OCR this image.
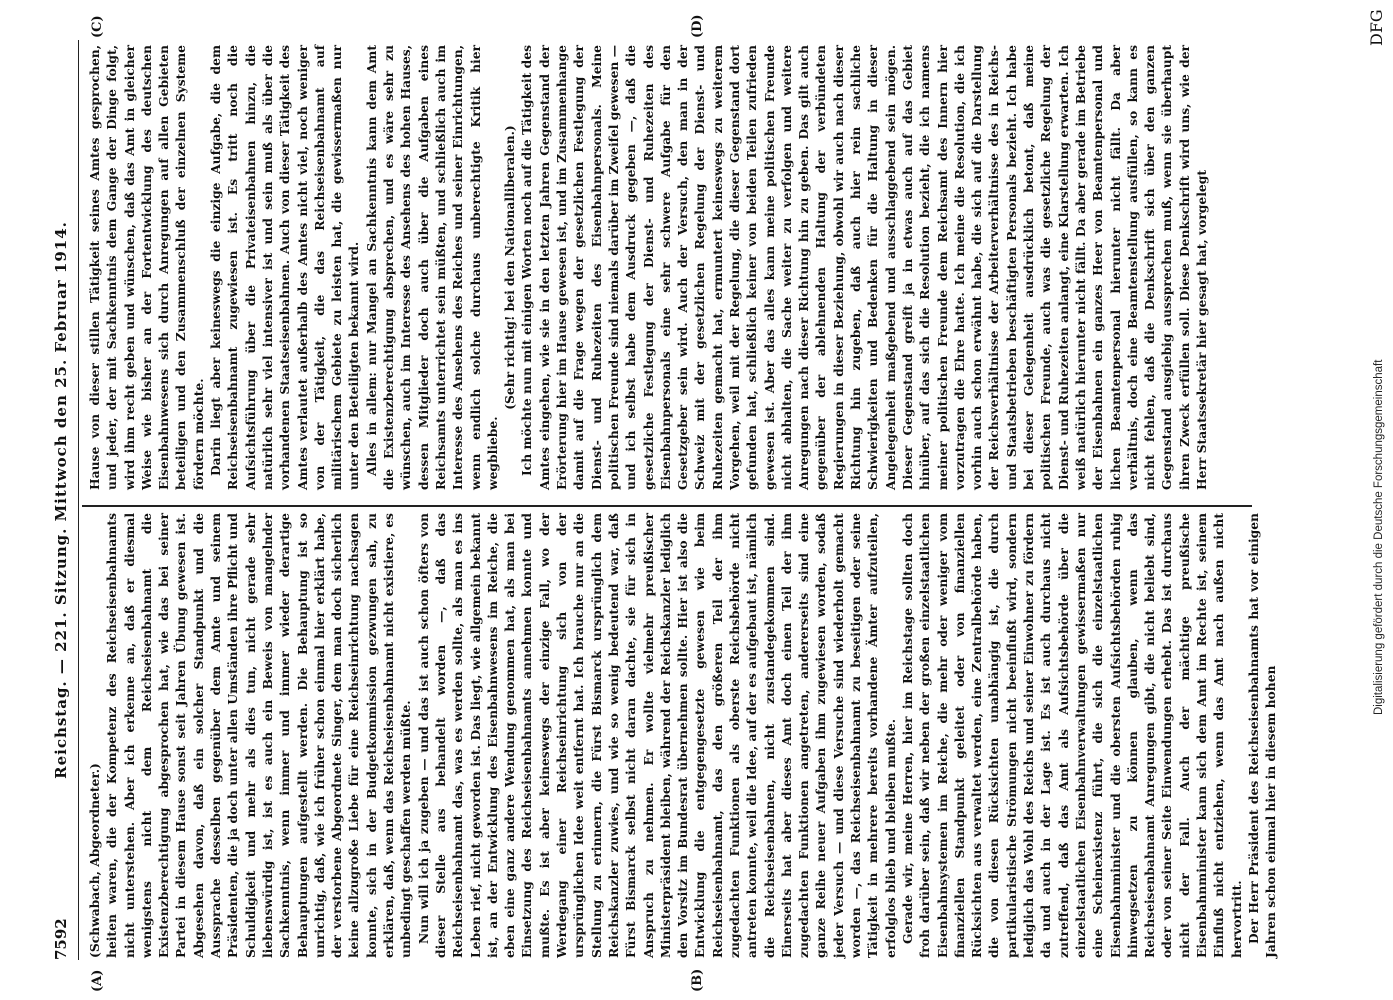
7592
Reichstag. — 221. Sitzung. Mittwoch den 25. Februar 1914.
(A)	(B)
(C)	(D)

(Schwabach, Abgeordneter.) heiten waren, die der Kompetenz des Reichseisenbahnamts nicht unterstehen. Aber ich erkenne an, daß er diesmal wenigstens nicht dem Reichseisenbahnamt die Existenzberechtigung abgesprochen hat, wie das bei seiner Partei in diesem Hause sonst seit Jahren Übung gewesen ist. Abgesehen davon, daß ein solcher Standpunkt und die Aussprache desselben gegenüber dem Amte und seinem Präsidenten, die ja doch unter allen Umständen ihre Pflicht und Schuldigkeit und mehr als dies tun, nicht gerade sehr liebenswürdig ist, ist es auch ein Beweis von mangelnder Sachkenntnis, wenn immer und immer wieder derartige Behauptungen aufgestellt werden. Die Behauptung ist so unrichtig, daß, wie ich früher schon einmal hier erklärt habe, der verstorbene Abgeordnete Singer, dem man doch sicherlich keine allzugroße Liebe für eine Reichseinrichtung nachsagen konnte, sich in der Budgetkommission gezwungen sah, zu erklären, daß, wenn das Reichseisenbahnamt nicht existiere, es unbedingt geschaffen werden müßte. Nun will ich ja zugeben — und das ist auch schon öfters von dieser Stelle aus behandelt worden —, daß das Reichseisenbahnamt das, was es werden sollte, als man es ins Leben rief, nicht geworden ist. Das liegt, wie allgemein bekannt ist, an der Entwicklung des Eisenbahnwesens im Reiche, die eben eine ganz andere Wendung genommen hat, als man bei Einsetzung des Reichseisenbahnamts annehmen konnte und mußte. Es ist aber keineswegs der einzige Fall, wo der Werdegang einer Reichseinrichtung sich von der ursprünglichen Idee weit entfernt hat. Ich brauche nur an die Stellung zu erinnern, die Fürst Bismarck ursprünglich dem Reichskanzler zuwies, und wie so wenig bedeutend war, daß Fürst Bismarck selbst nicht daran dachte, sie für sich in Anspruch zu nehmen. Er wollte vielmehr preußischer Ministerpräsident bleiben, während der Reichskanzler lediglich den Vorsitz im Bundesrat übernehmen sollte. Hier ist also die Entwicklung die entgegengesetzte gewesen wie beim Reichseisenbahnamt, das den größeren Teil der ihm zugedachten Funktionen als oberste Reichsbehörde nicht antreten konnte, weil die Idee, auf der es aufgebaut ist, nämlich die Reichseisenbahnen, nicht zustandegekommen sind. Einerseits hat aber dieses Amt doch einen Teil der ihm zugedachten Funktionen angetreten, andererseits sind eine ganze Reihe neuer Aufgaben ihm zugewiesen worden, sodaß jeder Versuch — und diese Versuche sind wiederholt gemacht worden —, das Reichseisenbahnamt zu beseitigen oder seine Tätigkeit in mehrere bereits vorhandene Ämter aufzuteilen, erfolglos blieb und bleiben mußte. Gerade wir, meine Herren, hier im Reichstage sollten doch froh darüber sein, daß wir neben der großen einzelstaatlichen Eisenbahnsystemen im Reiche, die mehr oder weniger vom finanziellen Standpunkt geleitet oder von finanziellen Rücksichten aus verwaltet werden, eine Zentralbehörde haben, die von diesen Rücksichten unabhängig ist, die durch partikularistische Strömungen nicht beeinflußt wird, sondern lediglich das Wohl des Reichs und seiner Einwohner zu fördern da und auch in der Lage ist. Es ist auch durchaus nicht zutreffend, daß das Amt als Aufsichtsbehörde über die einzelstaatlichen Eisenbahnverwaltungen gewissermaßen nur eine Scheinexistenz führt, die sich die einzelstaatlichen Eisenbahnminister und die obersten Aufsichtsbehörden ruhig hinwegsetzen zu können glauben, wenn das Reichseisenbahnamt Anregungen gibt, die nicht beliebt sind, oder von seiner Seite Einwendungen erhebt. Das ist durchaus nicht der Fall. Auch der mächtige preußische Eisenbahnminister kann sich dem Amt im Rechte ist, seinem Einfluß nicht entziehen, wenn das Amt nach außen nicht hervortritt. Der Herr Präsident des Reichseisenbahnamts hat vor einigen Jahren schon einmal hier in diesem hohen

Hause von dieser stillen Tätigkeit seines Amtes gesprochen, und jeder, der mit Sachkenntnis dem Gange der Dinge folgt, wird ihm recht geben und wünschen, daß das Amt in gleicher Weise wie bisher an der Fortentwicklung des deutschen Eisenbahnwesens sich durch Anregungen auf allen Gebieten beteiligen und den Zusammenschluß der einzelnen Systeme fördern möchte. Darin liegt aber keineswegs die einzige Aufgabe, die dem Reichseisenbahnamt zugewiesen ist. Es tritt noch die Aufsichtsführung über die Privateisenbahnen hinzu, die natürlich sehr viel intensiver ist und sein muß als über die vorhandenen Staatseisenbahnen. Auch von dieser Tätigkeit des Amtes verlautet außerhalb des Amtes nicht viel, noch weniger von der Tätigkeit, die das Reichseisenbahnamt auf militärischem Gebiete zu leisten hat, die gewissermaßen nur unter den Beteiligten bekannt wird. Alles in allem: nur Mangel an Sachkenntnis kann dem Amt die Existenzberechtigung absprechen, und es wäre sehr zu wünschen, auch im Interesse des Ansehens des hohen Hauses, dessen Mitglieder doch auch über die Aufgaben eines Reichsamts unterrichtet sein müßten, und schließlich auch im Interesse des Ansehens des Reiches und seiner Einrichtungen, wenn endlich solche durchaus unberechtigte Kritik hier wegbliebe.

(Sehr richtig! bei den Nationalliberalen.) Ich möchte nun mit einigen Worten noch auf die Tätigkeit des Amtes eingehen, wie sie in den letzten Jahren Gegenstand der Erörterung hier im Hause gewesen ist, und im Zusammenhange damit auf die Frage wegen der gesetzlichen Festlegung der Dienst- und Ruhezeiten des Eisenbahnpersonals. Meine politischen Freunde sind niemals darüber im Zweifel gewesen — und ich selbst habe dem Ausdruck gegeben —, daß die gesetzliche Festlegung der Dienst- und Ruhezeiten des Eisenbahnpersonals eine sehr schwere Aufgabe für den Gesetzgeber sein wird. Auch der Versuch, den man in der Schweiz mit der gesetzlichen Regelung der Dienst- und Ruhezeiten gemacht hat, ermuntert keineswegs zu weiterem Vorgehen, weil mit der Regelung, die dieser Gegenstand dort gefunden hat, schließlich keiner von beiden Teilen zufrieden gewesen ist. Aber das alles kann meine politischen Freunde nicht abhalten, die Sache weiter zu verfolgen und weitere Anregungen nach dieser Richtung hin zu geben. Das gilt auch gegenüber der ablehnenden Haltung der verbündeten Regierungen in dieser Beziehung, obwohl wir auch nach dieser Richtung hin zugeben, daß auch hier rein sachliche Schwierigkeiten und Bedenken für die Haltung in dieser Angelegenheit maßgebend und ausschlaggebend sein mögen. Dieser Gegenstand greift ja in etwas auch auf das Gebiet hinüber, auf das sich die Resolution bezieht, die ich namens meiner politischen Freunde dem Reichsamt des Innern hier vorzutragen die Ehre hatte. Ich meine die Resolution, die ich vorhin auch schon erwähnt habe, die sich auf die Darstellung der Reichsverhältnisse der Arbeiterverhältnisse des in Reichs- und Staatsbetrieben beschäftigten Personals bezieht. Ich habe bei dieser Gelegenheit ausdrücklich betont, daß meine politischen Freunde, auch was die gesetzliche Regelung der Dienst- und Ruhezeiten anlangt, eine Klarstellung erwarten. Ich weiß natürlich hierunter nicht fällt. Da aber gerade im Betriebe der Eisenbahnen ein ganzes Heer von Beamtenpersonal und lichen Beamtenpersonal hierunter nicht fällt. Da aber verhältnis, doch eine Beamtenstellung ausfüllen, so kann es nicht fehlen, daß die Denkschrift sich über den ganzen Gegenstand ausgiebig aussprechen muß, wenn sie überhaupt ihren Zweck erfüllen soll. Diese Denkschrift wird uns, wie der Herr Staatssekretär hier gesagt hat, vorgelegt

Digitalisierung gefördert durch die Deutsche Forschungsgemeinschaft
DFG
